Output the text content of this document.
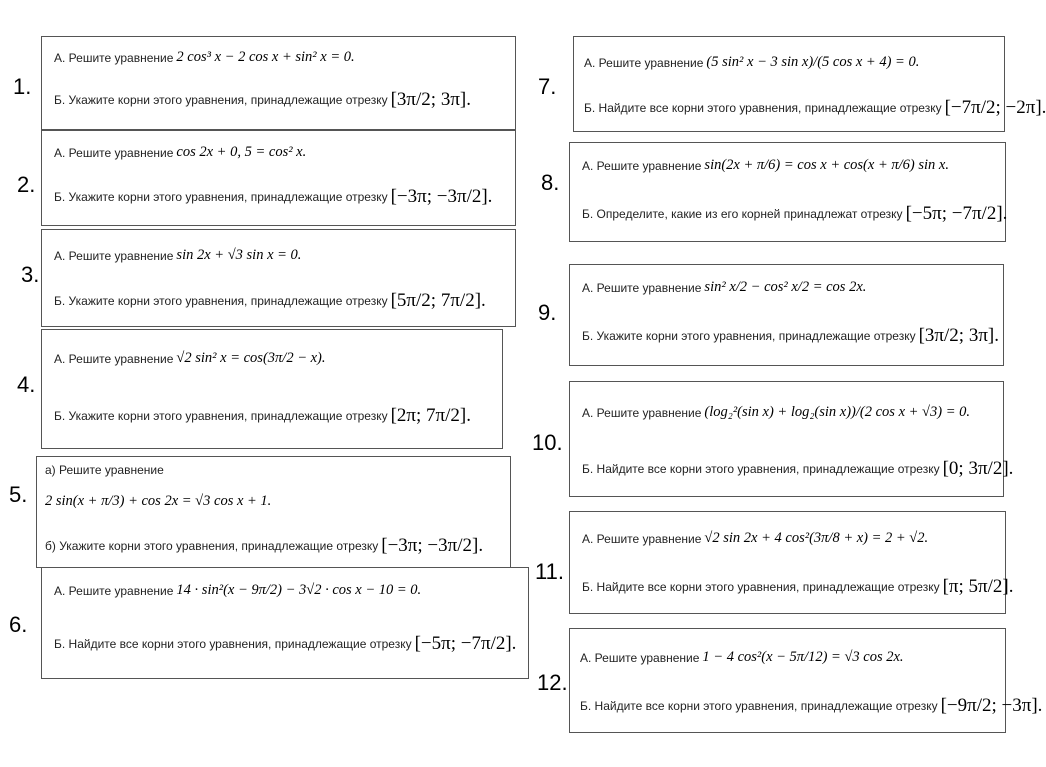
1.
2.
3.
4.
5.
6.
7.
8.
9.
10.
11.
12.
А. Решите уравнение 2 cos³ x − 2 cos x + sin² x = 0.
Б. Укажите корни этого уравнения, принадлежащие отрезку [3π/2; 3π].
А. Решите уравнение cos 2x + 0, 5 = cos² x.
Б. Укажите корни этого уравнения, принадлежащие отрезку [−3π; −3π/2].
А. Решите уравнение sin 2x + √3 sin x = 0.
Б. Укажите корни этого уравнения, принадлежащие отрезку [5π/2; 7π/2].
А. Решите уравнение √2 sin² x = cos(3π/2 − x).
Б. Укажите корни этого уравнения, принадлежащие отрезку [2π; 7π/2].
а) Решите уравнение
2 sin(x + π/3) + cos 2x = √3 cos x + 1.
б) Укажите корни этого уравнения, принадлежащие отрезку [−3π; −3π/2].
А. Решите уравнение 14 · sin²(x − 9π/2) − 3√2 · cos x − 10 = 0.
Б. Найдите все корни этого уравнения, принадлежащие отрезку [−5π; −7π/2].
А. Решите уравнение (5 sin² x − 3 sin x)/(5 cos x + 4) = 0.
Б. Найдите все корни этого уравнения, принадлежащие отрезку [−7π/2; −2π].
А. Решите уравнение sin(2x + π/6) = cos x + cos(x + π/6) sin x.
Б. Определите, какие из его корней принадлежат отрезку [−5π; −7π/2].
А. Решите уравнение sin² x/2 − cos² x/2 = cos 2x.
Б. Укажите корни этого уравнения, принадлежащие отрезку [3π/2; 3π].
А. Решите уравнение (log₂²(sin x) + log₂(sin x))/(2 cos x + √3) = 0.
Б. Найдите все корни этого уравнения, принадлежащие отрезку [0; 3π/2].
А. Решите уравнение √2 sin 2x + 4 cos²(3π/8 + x) = 2 + √2.
Б. Найдите все корни этого уравнения, принадлежащие отрезку [π; 5π/2].
А. Решите уравнение 1 − 4 cos²(x − 5π/12) = √3 cos 2x.
Б. Найдите все корни этого уравнения, принадлежащие отрезку [−9π/2; −3π].
